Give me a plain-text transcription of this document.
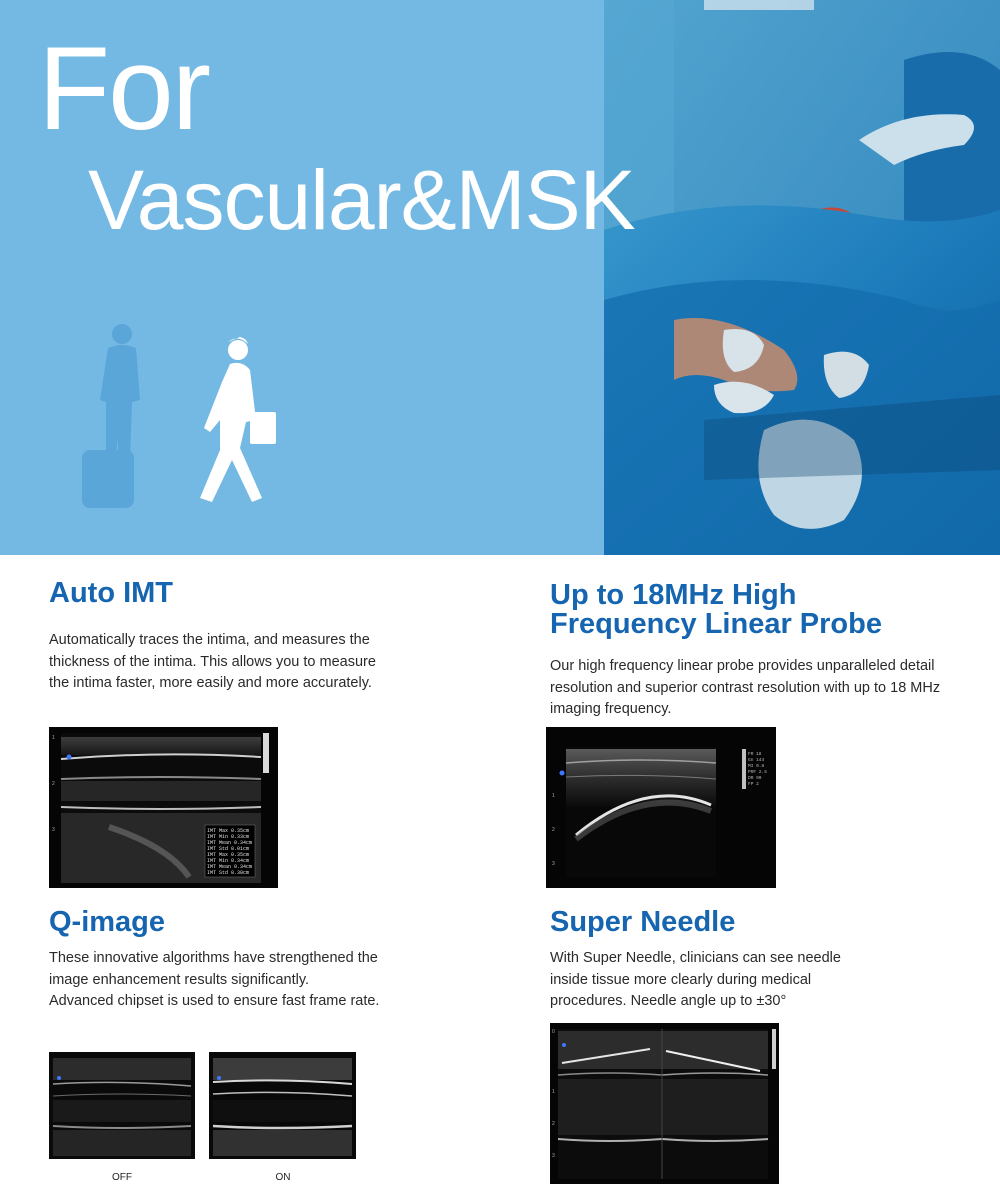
For
Vascular&MSK
Auto IMT
Automatically traces the intima, and measures the thickness of the intima. This allows you to measure the intima faster, more easily and more accurately.
1
2
3	IMT Max 0.35cm
IMT Min 0.33cm
IMT Mean 0.34cm
IMT Std 0.01cm
IMT Max 0.35cm
IMT Min 0.34cm
IMT Mean 0.34cm
IMT Std 0.30cm
Up to 18MHz High
Frequency Linear Probe
Our high frequency linear probe provides unparalleled detail resolution and superior contrast resolution with up to 18 MHz imaging frequency.
FR 18
Gn 144
MI 0.8
PRF 2.5
DR 90
FP 2
1
2
3
Q-image
These innovative algorithms have strengthened the image enhancement results significantly.
Advanced chipset is used to ensure fast frame rate.
OFF	ON
Super Needle
With Super Needle, clinicians can see needle inside tissue more clearly during medical procedures. Needle angle up to ±30°
0
1
2
3
